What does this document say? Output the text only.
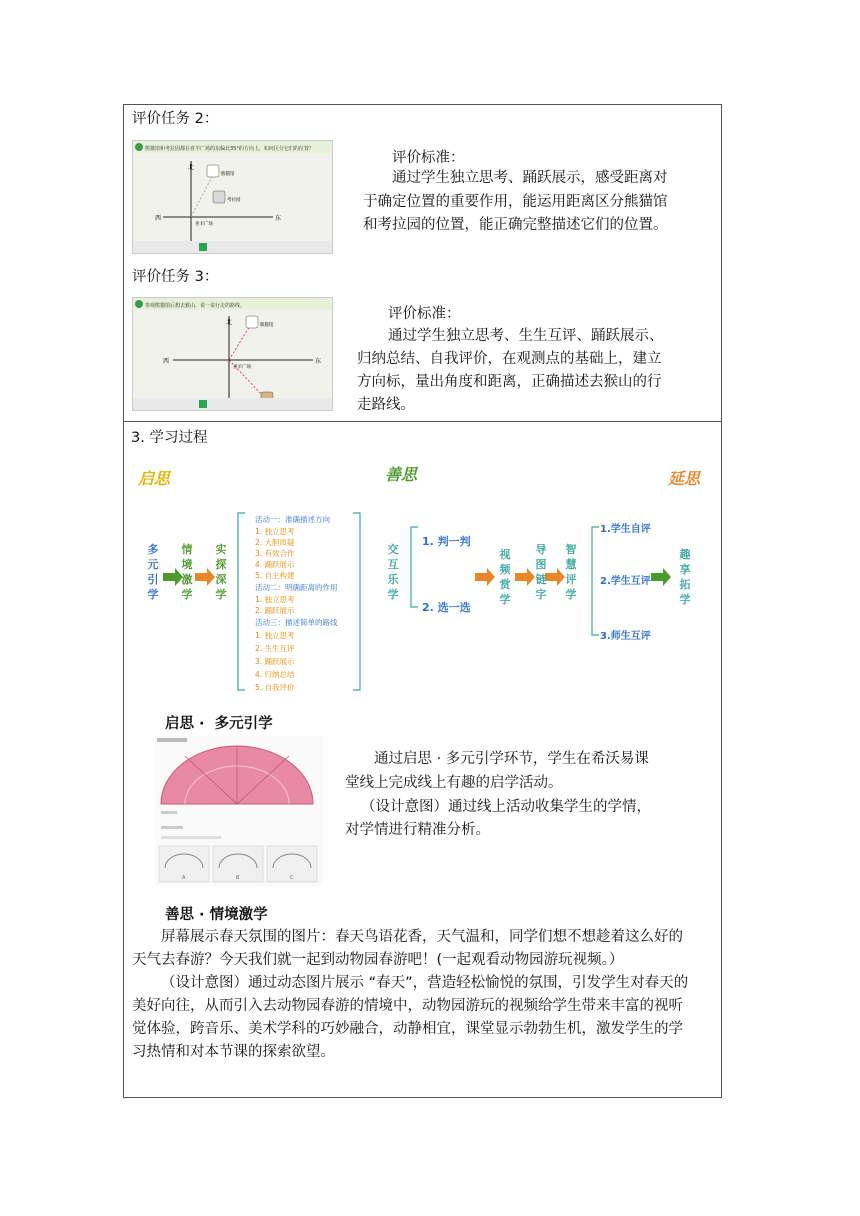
评价任务 2：
熊猫馆和考拉园都在喜羊广场的东偏北35°的方向上，如何区分它们的位置？
北
西	东
熊猫馆
考拉园
喜羊广场
评价标准：
通过学生独立思考、踊跃展示，感受距离对
于确定位置的重要作用，能运用距离区分熊猫馆
和考拉园的位置，能正确完整描述它们的位置。
评价任务 3：
参观熊猫馆后想去猴山，说一说行走的路线。
北
西	东
熊猫馆
喜羊广场
评价标准：
通过学生独立思考、生生互评、踊跃展示、
归纳总结、自我评价，在观测点的基础上，建立
方向标，量出角度和距离，正确描述去猴山的行
走路线。
3. 学习过程
启思	善思	延思
多
元
引
学
情
境
激
学
实
探
深
学
活动一：准确描述方向
1. 独立思考
2. 大胆质疑
3. 有效合作
4. 踊跃展示
5. 自主构建
活动二：明确距离的作用
1. 独立思考
2. 踊跃展示
活动三：描述简单的路线
1. 独立思考
2. 生生互评
3. 踊跃展示
4. 归纳总结
5. 自我评价
交
互
乐
学
1. 判一判
2. 选一选
视
频
赏
学
导
图
链
字
智
慧
评
学
1.学生自评
2.学生互评
3.师生互评
趣
享
拓
学
启思 ·  多元引学
A	B	C
通过启思 · 多元引学环节，学生在希沃易课
堂线上完成线上有趣的启学活动。
（设计意图）通过线上活动收集学生的学情，
对学情进行精准分析。
善思 · 情境激学
屏幕展示春天氛围的图片：春天鸟语花香，天气温和，同学们想不想趁着这么好的
天气去春游？今天我们就一起到动物园春游吧！(一起观看动物园游玩视频。）
（设计意图）通过动态图片展示 “春天”，营造轻松愉悦的氛围，引发学生对春天的
美好向往，从而引入去动物园春游的情境中，动物园游玩的视频给学生带来丰富的视听
觉体验，跨音乐、美术学科的巧妙融合，动静相宜，课堂显示勃勃生机，激发学生的学
习热情和对本节课的探索欲望。
